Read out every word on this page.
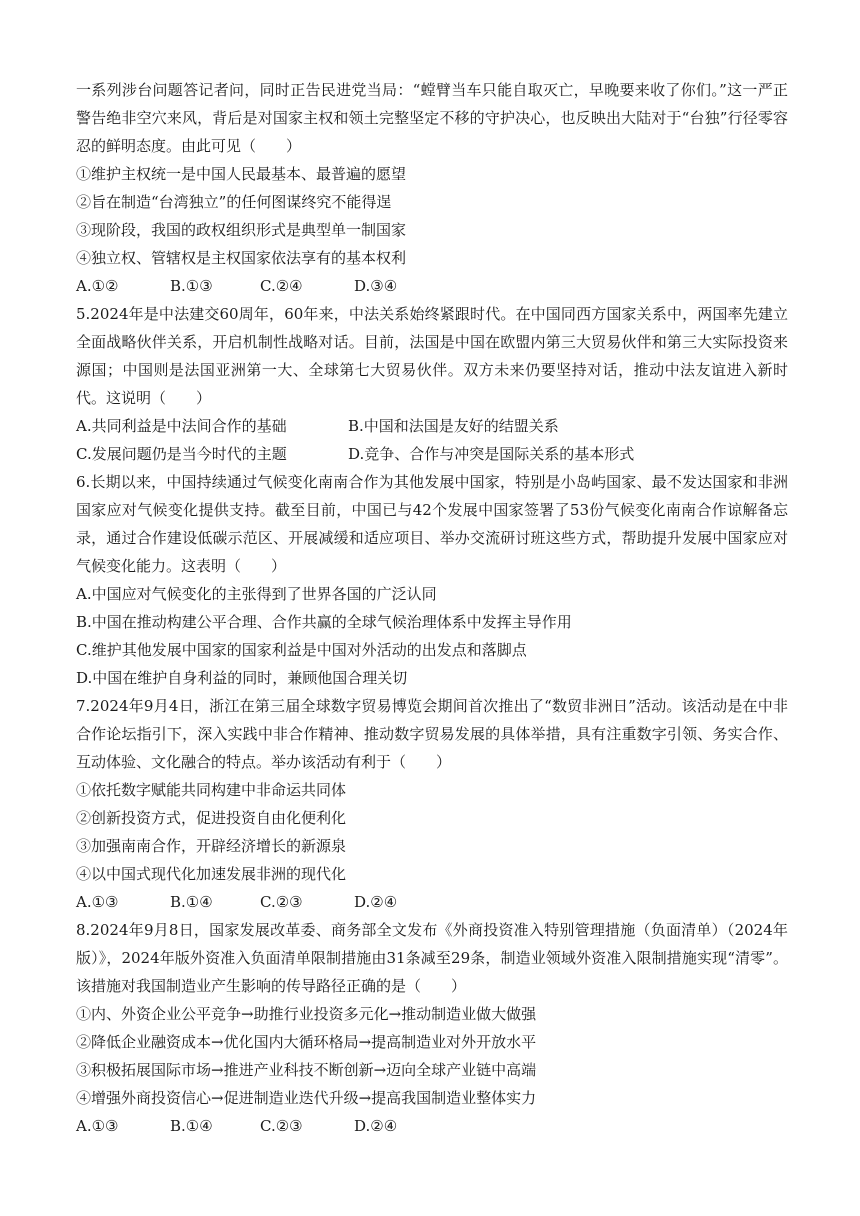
一系列涉台问题答记者问，同时正告民进党当局：“螳臂当车只能自取灭亡，早晚要来收了你们。”这一严正警告绝非空穴来风，背后是对国家主权和领土完整坚定不移的守护决心，也反映出大陆对于“台独”行径零容忍的鲜明态度。由此可见（　　）

①维护主权统一是中国人民最基本、最普遍的愿望

②旨在制造“台湾独立”的任何图谋终究不能得逞

③现阶段，我国的政权组织形式是典型单一制国家

④独立权、管辖权是主权国家依法享有的基本权利

A.①②	B.①③	C.②④	D.③④

5.2024年是中法建交60周年，60年来，中法关系始终紧跟时代。在中国同西方国家关系中，两国率先建立全面战略伙伴关系，开启机制性战略对话。目前，法国是中国在欧盟内第三大贸易伙伴和第三大实际投资来源国；中国则是法国亚洲第一大、全球第七大贸易伙伴。双方未来仍要坚持对话，推动中法友谊进入新时代。这说明（　　）

A.共同利益是中法间合作的基础	B.中国和法国是友好的结盟关系
C.发展问题仍是当今时代的主题	D.竞争、合作与冲突是国际关系的基本形式

6.长期以来，中国持续通过气候变化南南合作为其他发展中国家，特别是小岛屿国家、最不发达国家和非洲国家应对气候变化提供支持。截至目前，中国已与42个发展中国家签署了53份气候变化南南合作谅解备忘录，通过合作建设低碳示范区、开展减缓和适应项目、举办交流研讨班这些方式，帮助提升发展中国家应对气候变化能力。这表明（　　）

A.中国应对气候变化的主张得到了世界各国的广泛认同

B.中国在推动构建公平合理、合作共赢的全球气候治理体系中发挥主导作用

C.维护其他发展中国家的国家利益是中国对外活动的出发点和落脚点

D.中国在维护自身利益的同时，兼顾他国合理关切

7.2024年9月4日，浙江在第三届全球数字贸易博览会期间首次推出了“数贸非洲日”活动。该活动是在中非合作论坛指引下，深入实践中非合作精神、推动数字贸易发展的具体举措，具有注重数字引领、务实合作、互动体验、文化融合的特点。举办该活动有利于（　　）

①依托数字赋能共同构建中非命运共同体

②创新投资方式，促进投资自由化便利化

③加强南南合作，开辟经济增长的新源泉

④以中国式现代化加速发展非洲的现代化

A.①③	B.①④	C.②③	D.②④

8.2024年9月8日，国家发展改革委、商务部全文发布《外商投资准入特别管理措施（负面清单）（2024年版）》，2024年版外资准入负面清单限制措施由31条减至29条，制造业领域外资准入限制措施实现“清零”。该措施对我国制造业产生影响的传导路径正确的是（　　）

①内、外资企业公平竞争→助推行业投资多元化→推动制造业做大做强

②降低企业融资成本→优化国内大循环格局→提高制造业对外开放水平

③积极拓展国际市场→推进产业科技不断创新→迈向全球产业链中高端

④增强外商投资信心→促进制造业迭代升级→提高我国制造业整体实力

A.①③	B.①④	C.②③	D.②④
